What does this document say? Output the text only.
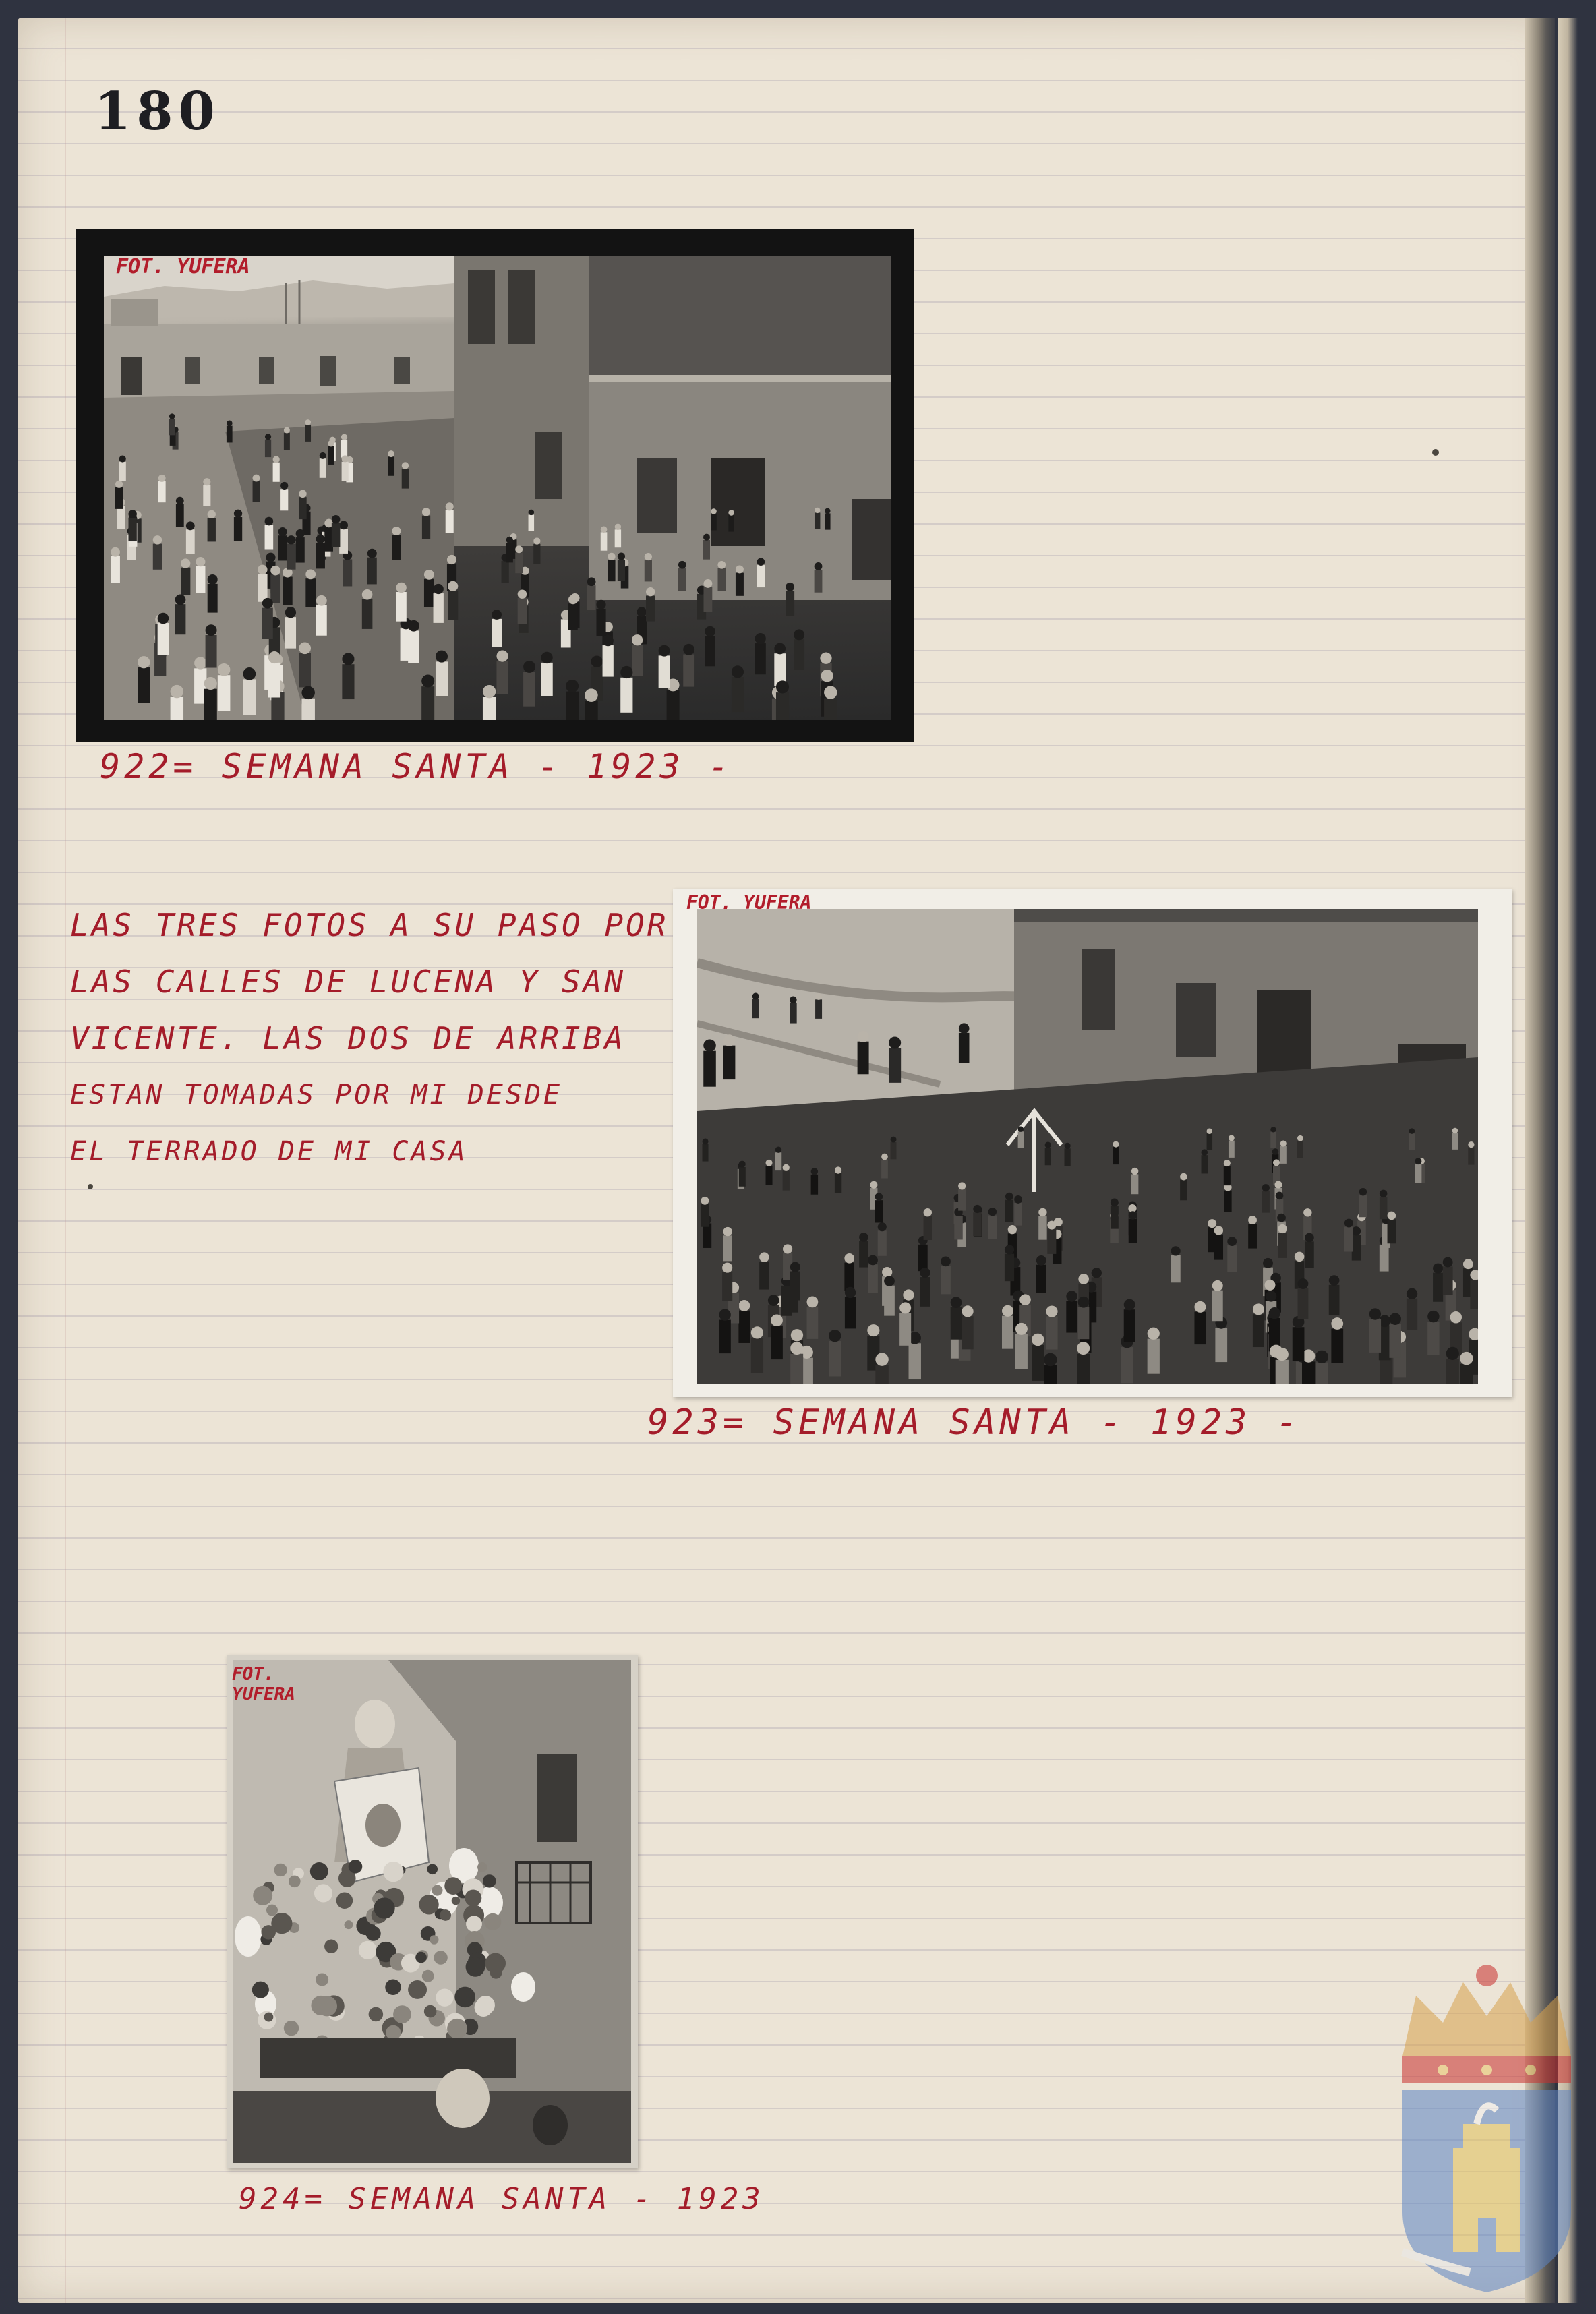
180
FOT. YUFERA
922= SEMANA SANTA - 1923 -
LAS TRES FOTOS A SU PASO POR
LAS CALLES DE LUCENA Y SAN
VICENTE. LAS DOS DE ARRIBA
ESTAN TOMADAS POR MI DESDE
EL TERRADO DE MI CASA
FOT. YUFERA
923= SEMANA SANTA - 1923 -
FOT.
YUFERA
924= SEMANA SANTA - 1923
